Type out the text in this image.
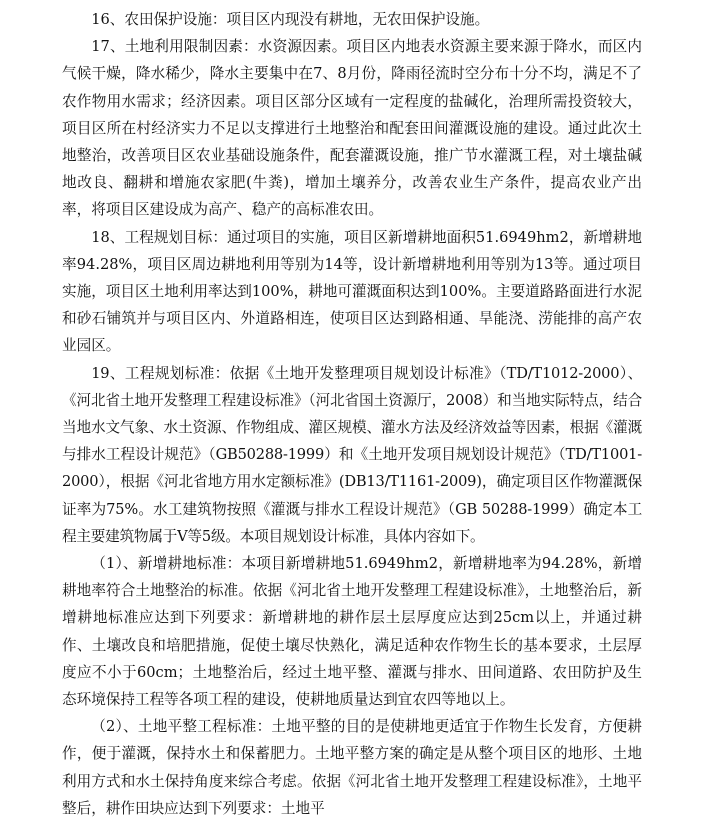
16、农田保护设施：项目区内现没有耕地，无农田保护设施。

17、土地利用限制因素：水资源因素。项目区内地表水资源主要来源于降水，而区内气候干燥，降水稀少，降水主要集中在7、8月份，降雨径流时空分布十分不均，满足不了农作物用水需求；经济因素。项目区部分区域有一定程度的盐碱化，治理所需投资较大，项目区所在村经济实力不足以支撑进行土地整治和配套田间灌溉设施的建设。通过此次土地整治，改善项目区农业基础设施条件，配套灌溉设施，推广节水灌溉工程，对土壤盐碱地改良、翻耕和增施农家肥(牛粪)，增加土壤养分，改善农业生产条件，提高农业产出率，将项目区建设成为高产、稳产的高标准农田。

18、工程规划目标：通过项目的实施，项目区新增耕地面积51.6949hm2，新增耕地率94.28%，项目区周边耕地利用等别为14等，设计新增耕地利用等别为13等。通过项目实施，项目区土地利用率达到100%，耕地可灌溉面积达到100%。主要道路路面进行水泥和砂石铺筑并与项目区内、外道路相连，使项目区达到路相通、旱能浇、涝能排的高产农业园区。

19、工程规划标准：依据《土地开发整理项目规划设计标准》（TD/T1012-2000）、《河北省土地开发整理工程建设标准》（河北省国土资源厅，2008）和当地实际特点，结合当地水文气象、水土资源、作物组成、灌区规模、灌水方法及经济效益等因素，根据《灌溉与排水工程设计规范》（GB50288-1999）和《土地开发项目规划设计规范》（TD/T1001-2000），根据《河北省地方用水定额标准》(DB13/T1161-2009)，确定项目区作物灌溉保证率为75%。水工建筑物按照《灌溉与排水工程设计规范》（GB 50288-1999）确定本工程主要建筑物属于Ⅴ等5级。本项目规划设计标准，具体内容如下。

（1）、新增耕地标准：本项目新增耕地51.6949hm2，新增耕地率为94.28%，新增耕地率符合土地整治的标准。依据《河北省土地开发整理工程建设标准》，土地整治后，新增耕地标准应达到下列要求：新增耕地的耕作层土层厚度应达到25cm以上，并通过耕作、土壤改良和培肥措施，促使土壤尽快熟化，满足适种农作物生长的基本要求，土层厚度应不小于60cm；土地整治后，经过土地平整、灌溉与排水、田间道路、农田防护及生态环境保持工程等各项工程的建设，使耕地质量达到宜农四等地以上。

（2）、土地平整工程标准：土地平整的目的是使耕地更适宜于作物生长发育，方便耕作，便于灌溉，保持水土和保蓄肥力。土地平整方案的确定是从整个项目区的地形、土地利用方式和水土保持角度来综合考虑。依据《河北省土地开发整理工程建设标准》，土地平整后，耕作田块应达到下列要求：土地平
